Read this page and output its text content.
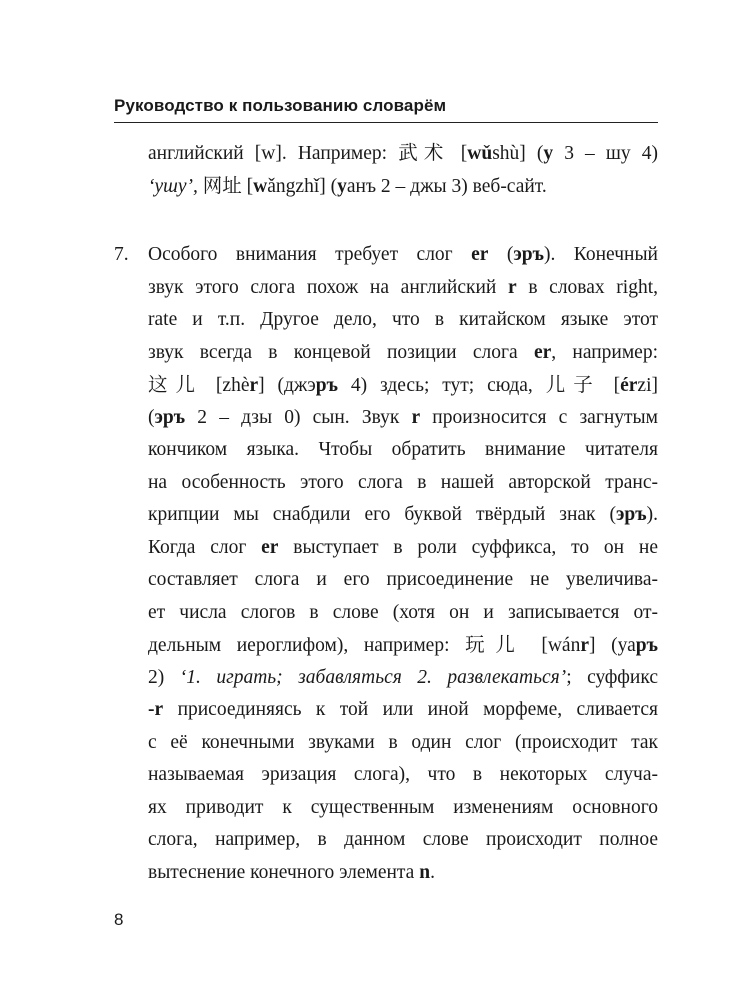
Руководство к пользованию словарём
английский [w]. Например: 武术 [wǔshù] (у 3 – шу 4)
‘ушу’, 网址 [wǎngzhǐ] (уанъ 2 – джы 3) веб-сайт.
7. Особого внимания требует слог er (эръ). Конечный
звук этого слога похож на английский r в словах right,
rate и т.п. Другое дело, что в китайском языке этот
звук всегда в концевой позиции слога er, например:
这儿 [zhèr] (джэръ 4) здесь; тут; сюда, 儿子 [érzi]
(эръ 2 – дзы 0) сын. Звук r произносится с загнутым
кончиком языка. Чтобы обратить внимание читателя
на особенность этого слога в нашей авторской транс-
крипции мы снабдили его буквой твёрдый знак (эръ).
Когда слог er выступает в роли суффикса, то он не
составляет слога и его присоединение не увеличива-
ет числа слогов в слове (хотя он и записывается от-
дельным иероглифом), например: 玩儿 [wánr] (уаръ
2) ‘1. играть; забавляться 2. развлекаться’; суффикс
-r присоединяясь к той или иной морфеме, сливается
с её конечными звуками в один слог (происходит так
называемая эризация слога), что в некоторых случа-
ях приводит к существенным изменениям основного
слога, например, в данном слове происходит полное
вытеснение конечного элемента n.
8
